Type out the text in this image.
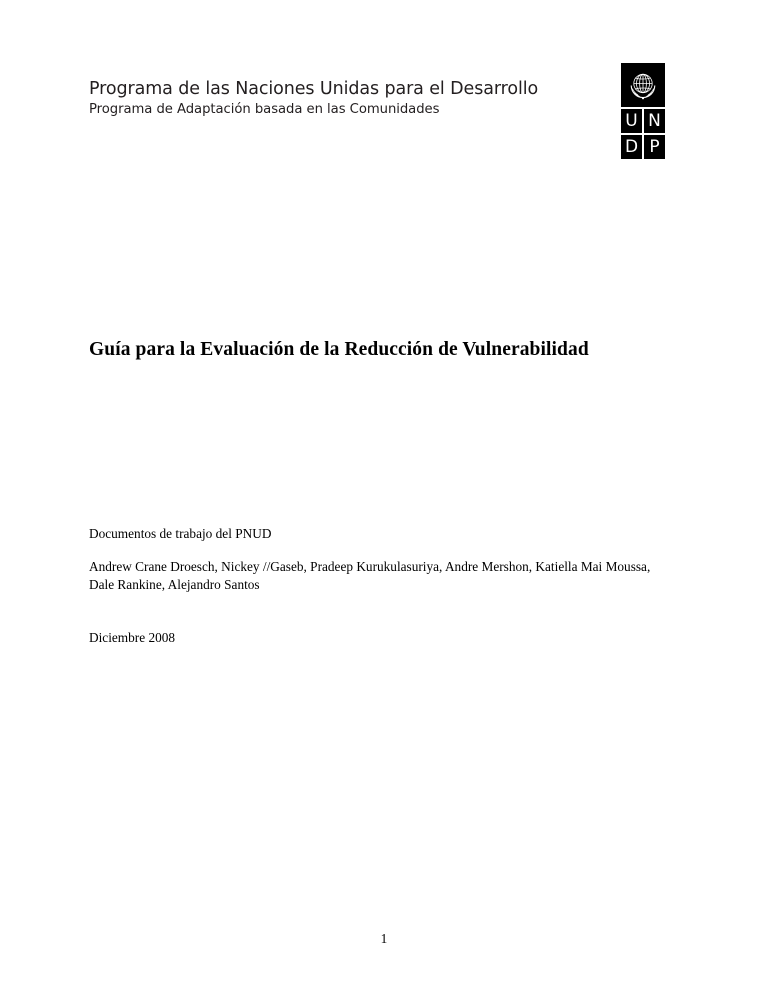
Programa de las Naciones Unidas para el Desarrollo
Programa de Adaptación basada en las Comunidades
U N
D P
Guía para la Evaluación de la Reducción de Vulnerabilidad
Documentos de trabajo del PNUD
Andrew Crane Droesch, Nickey //Gaseb, Pradeep Kurukulasuriya, Andre Mershon, Katiella Mai Moussa, Dale Rankine, Alejandro Santos
Diciembre 2008
1
